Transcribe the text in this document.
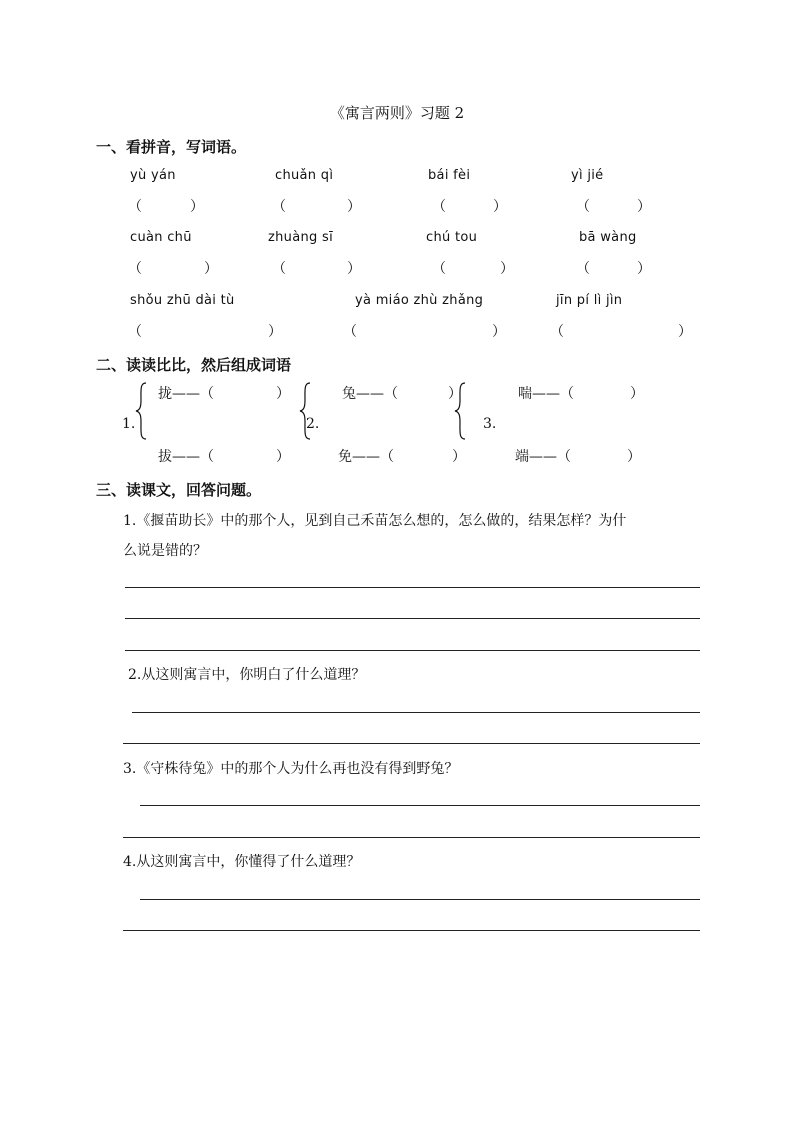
《寓言两则》习题 2
一、看拼音，写词语。
yù yán	chuǎn qì	bái fèi	yì jié
（	）	（	）	（	）	（	）
cuàn chū	zhuàng sī	chú tou	bā wàng
（	）	（	）	（	）	（	）
shǒu zhū dài tù	yà miáo zhù zhǎng	jīn pí lì jìn
（	）	（	）	（	）
二、读读比比，然后组成词语
1.
拢——（	）
拔——（	）
2.
兔——（	）
免——（	）
3.
喘——（	）
端——（	）
三、读课文，回答问题。
1.《揠苗助长》中的那个人，见到自己禾苗怎么想的，怎么做的，结果怎样？为什
么说是错的？
2.从这则寓言中，你明白了什么道理？
3.《守株待兔》中的那个人为什么再也没有得到野兔？
4.从这则寓言中，你懂得了什么道理？
